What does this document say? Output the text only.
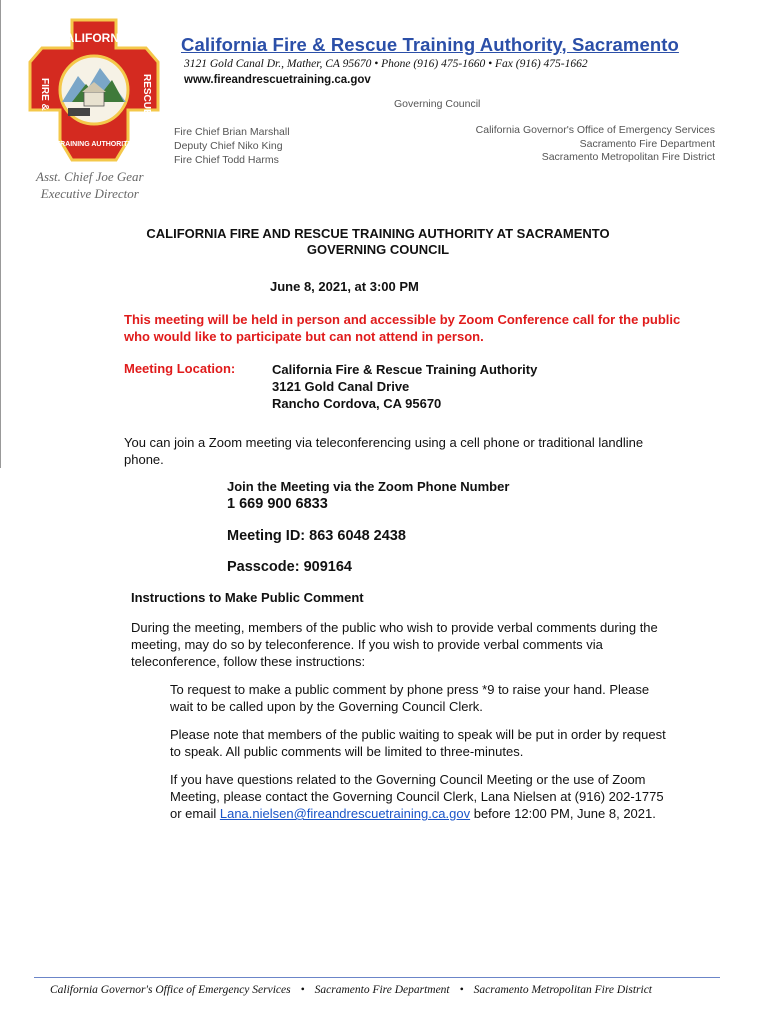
CALIFORNIA
FIRE &	RESCUE
TRAINING AUTHORITY
California Fire & Rescue Training Authority, Sacramento
3121 Gold Canal Dr., Mather, CA 95670 • Phone (916) 475-1660 • Fax (916) 475-1662
www.fireandrescuetraining.ca.gov
Governing Council
Fire Chief Brian Marshall
Deputy Chief Niko King
Fire Chief Todd Harms
California Governor's Office of Emergency Services
Sacramento Fire Department
Sacramento Metropolitan Fire District
Asst. Chief Joe Gear
Executive Director
CALIFORNIA FIRE AND RESCUE TRAINING AUTHORITY AT SACRAMENTO
GOVERNING COUNCIL
June 8, 2021, at 3:00 PM
This meeting will be held in person and accessible by Zoom Conference call for the public who would like to participate but can not attend in person.
Meeting Location:	California Fire & Rescue Training Authority
3121 Gold Canal Drive
Rancho Cordova, CA 95670
You can join a Zoom meeting via teleconferencing using a cell phone or traditional landline phone.
Join the Meeting via the Zoom Phone Number
1 669 900 6833
Meeting ID: 863 6048 2438
Passcode: 909164
Instructions to Make Public Comment
During the meeting, members of the public who wish to provide verbal comments during the meeting, may do so by teleconference. If you wish to provide verbal comments via teleconference, follow these instructions:
To request to make a public comment by phone press *9 to raise your hand. Please wait to be called upon by the Governing Council Clerk.
Please note that members of the public waiting to speak will be put in order by request to speak. All public comments will be limited to three-minutes.
If you have questions related to the Governing Council Meeting or the use of Zoom Meeting, please contact the Governing Council Clerk, Lana Nielsen at (916) 202-1775 or email Lana.nielsen@fireandrescuetraining.ca.gov before 12:00 PM, June 8, 2021.
California Governor's Office of Emergency Services • Sacramento Fire Department • Sacramento Metropolitan Fire District
